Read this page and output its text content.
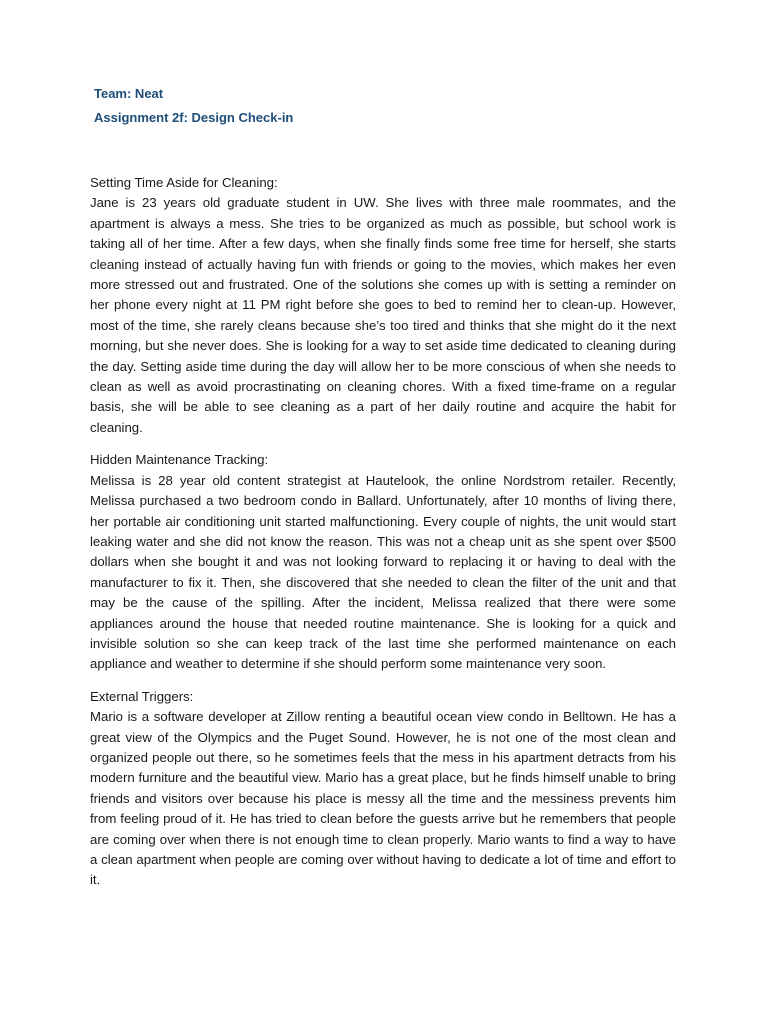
Team: Neat
Assignment 2f: Design Check-in

Setting Time Aside for Cleaning:

Jane is 23 years old graduate student in UW. She lives with three male roommates, and the apartment is always a mess. She tries to be organized as much as possible, but school work is taking all of her time. After a few days, when she finally finds some free time for herself, she starts cleaning instead of actually having fun with friends or going to the movies, which makes her even more stressed out and frustrated. One of the solutions she comes up with is setting a reminder on her phone every night at 11 PM right before she goes to bed to remind her to clean-up. However, most of the time, she rarely cleans because she’s too tired and thinks that she might do it the next morning, but she never does. She is looking for a way to set aside time dedicated to cleaning during the day. Setting aside time during the day will allow her to be more conscious of when she needs to clean as well as avoid procrastinating on cleaning chores. With a fixed time-frame on a regular basis, she will be able to see cleaning as a part of her daily routine and acquire the habit for cleaning.

Hidden Maintenance Tracking:

Melissa is 28 year old content strategist at Hautelook, the online Nordstrom retailer. Recently, Melissa purchased a two bedroom condo in Ballard. Unfortunately, after 10 months of living there, her portable air conditioning unit started malfunctioning. Every couple of nights, the unit would start leaking water and she did not know the reason. This was not a cheap unit as she spent over $500 dollars when she bought it and was not looking forward to replacing it or having to deal with the manufacturer to fix it. Then, she discovered that she needed to clean the filter of the unit and that may be the cause of the spilling. After the incident, Melissa realized that there were some appliances around the house that needed routine maintenance. She is looking for a quick and invisible solution so she can keep track of the last time she performed maintenance on each appliance and weather to determine if she should perform some maintenance very soon.

External Triggers:

Mario is a software developer at Zillow renting a beautiful ocean view condo in Belltown. He has a great view of the Olympics and the Puget Sound. However, he is not one of the most clean and organized people out there, so he sometimes feels that the mess in his apartment detracts from his modern furniture and the beautiful view. Mario has a great place, but he finds himself unable to bring friends and visitors over because his place is messy all the time and the messiness prevents him from feeling proud of it. He has tried to clean before the guests arrive but he remembers that people are coming over when there is not enough time to clean properly. Mario wants to find a way to have a clean apartment when people are coming over without having to dedicate a lot of time and effort to it.
